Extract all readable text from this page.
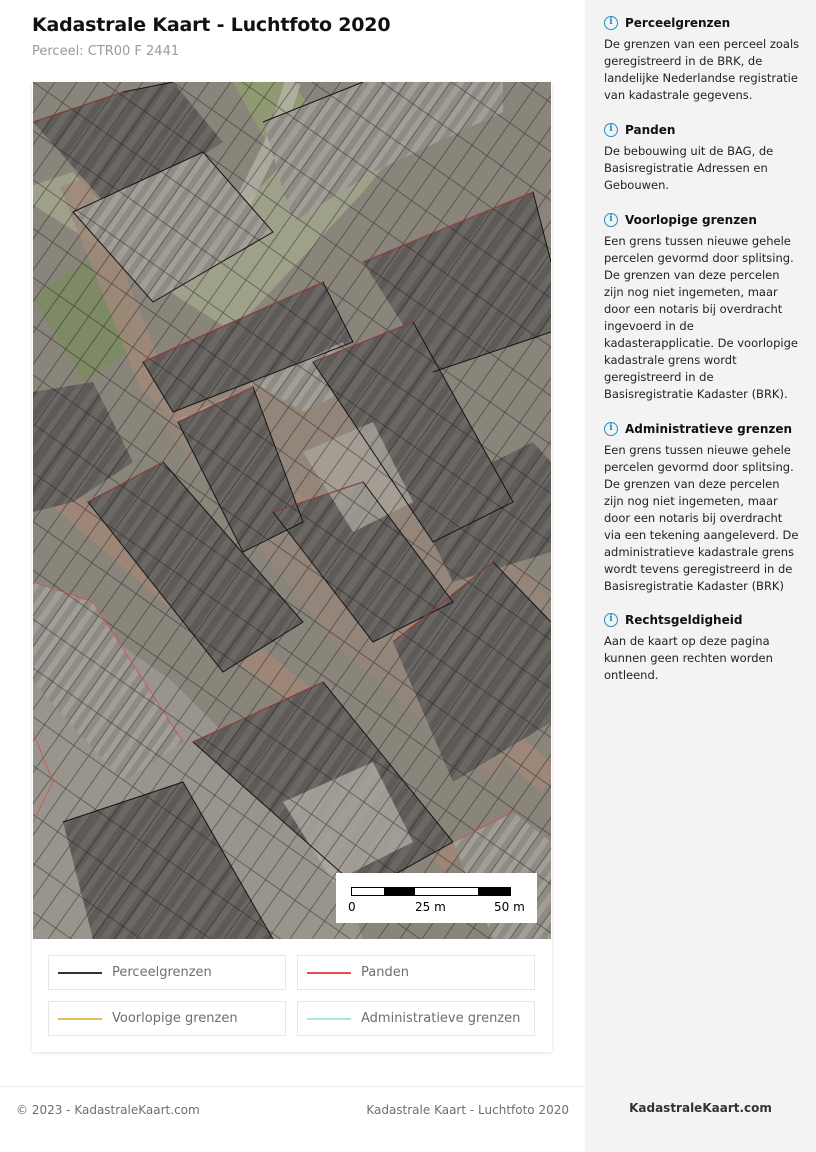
Kadastrale Kaart - Luchtfoto 2020
Perceel: CTR00 F 2441
0	25 m	50 m
Perceelgrenzen	Panden
Voorlopige grenzen	Administratieve grenzen
© 2023 - KadastraleKaart.com	Kadastrale Kaart - Luchtfoto 2020
i	Perceelgrenzen
De grenzen van een perceel zoals geregistreerd in de BRK, de landelijke Nederlandse registratie van kadastrale gegevens.
i	Panden
De bebouwing uit de BAG, de Basisregistratie Adressen en Gebouwen.
i	Voorlopige grenzen
Een grens tussen nieuwe gehele percelen gevormd door splitsing. De grenzen van deze percelen zijn nog niet ingemeten, maar door een notaris bij overdracht ingevoerd in de kadasterapplicatie. De voorlopige kadastrale grens wordt geregistreerd in de Basisregistratie Kadaster (BRK).
i	Administratieve grenzen
Een grens tussen nieuwe gehele percelen gevormd door splitsing. De grenzen van deze percelen zijn nog niet ingemeten, maar door een notaris bij overdracht via een tekening aangeleverd. De administratieve kadastrale grens wordt tevens geregistreerd in de Basisregistratie Kadaster (BRK)
i	Rechtsgeldigheid
Aan de kaart op deze pagina kunnen geen rechten worden ontleend.
KadastraleKaart.com
